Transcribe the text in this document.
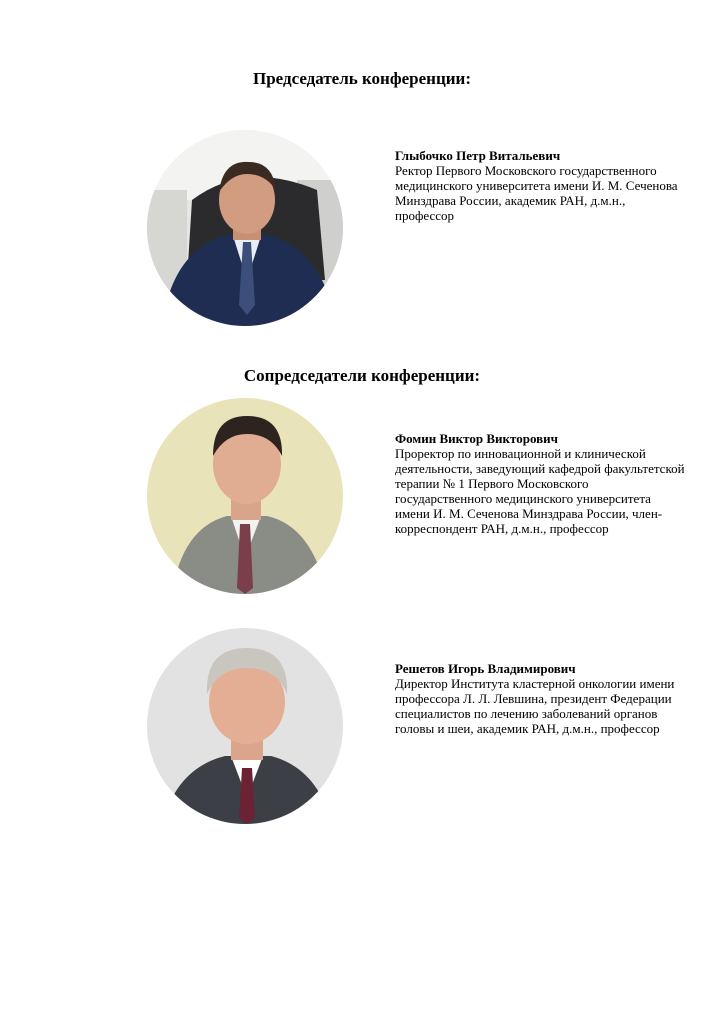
Председатель конференции:
Глыбочко Петр Витальевич
Ректор Первого Московского государственного медицинского университета имени И. М. Сеченова Минздрава России, академик РАН, д.м.н., профессор
Сопредседатели конференции:
Фомин Виктор Викторович
Проректор по инновационной и клинической деятельности, заведующий кафедрой факультетской терапии № 1 Первого Московского государственного медицинского университета имени И. М. Сеченова Минздрава России, член-корреспондент РАН, д.м.н., профессор
Решетов Игорь Владимирович
Директор Института кластерной онкологии имени профессора Л. Л. Левшина, президент Федерации специалистов по лечению заболеваний органов головы и шеи, академик РАН, д.м.н., профессор
